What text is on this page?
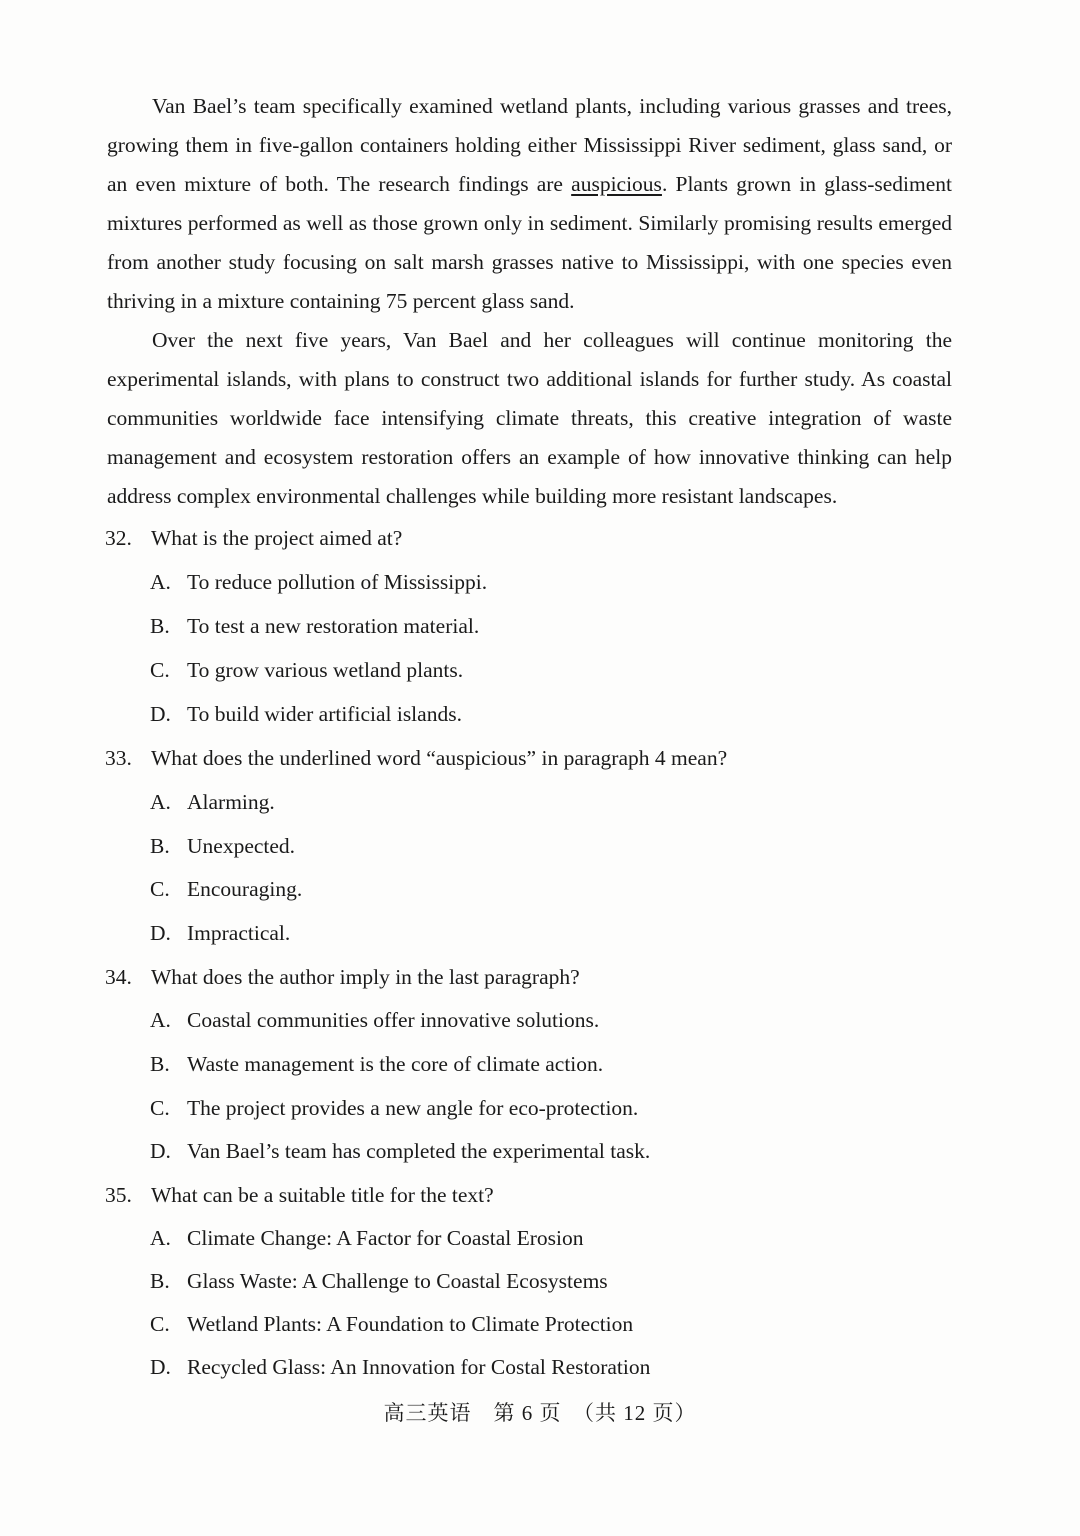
Van Bael’s team specifically examined wetland plants, including various grasses and trees, growing them in five-gallon containers holding either Mississippi River sediment, glass sand, or an even mixture of both. The research findings are auspicious. Plants grown in glass-sediment mixtures performed as well as those grown only in sediment. Similarly promising results emerged from another study focusing on salt marsh grasses native to Mississippi, with one species even thriving in a mixture containing 75 percent glass sand.

Over the next five years, Van Bael and her colleagues will continue monitoring the experimental islands, with plans to construct two additional islands for further study. As coastal communities worldwide face intensifying climate threats, this creative integration of waste management and ecosystem restoration offers an example of how innovative thinking can help address complex environmental challenges while building more resistant landscapes.

32. What is the project aimed at?
A. To reduce pollution of Mississippi.
B. To test a new restoration material.
C. To grow various wetland plants.
D. To build wider artificial islands.
33. What does the underlined word “auspicious” in paragraph 4 mean?
A. Alarming.
B. Unexpected.
C. Encouraging.
D. Impractical.
34. What does the author imply in the last paragraph?
A. Coastal communities offer innovative solutions.
B. Waste management is the core of climate action.
C. The project provides a new angle for eco-protection.
D. Van Bael’s team has completed the experimental task.
35. What can be a suitable title for the text?
A. Climate Change: A Factor for Coastal Erosion
B. Glass Waste: A Challenge to Coastal Ecosystems
C. Wetland Plants: A Foundation to Climate Protection
D. Recycled Glass: An Innovation for Costal Restoration
高三英语　第 6 页　（共 12 页）
